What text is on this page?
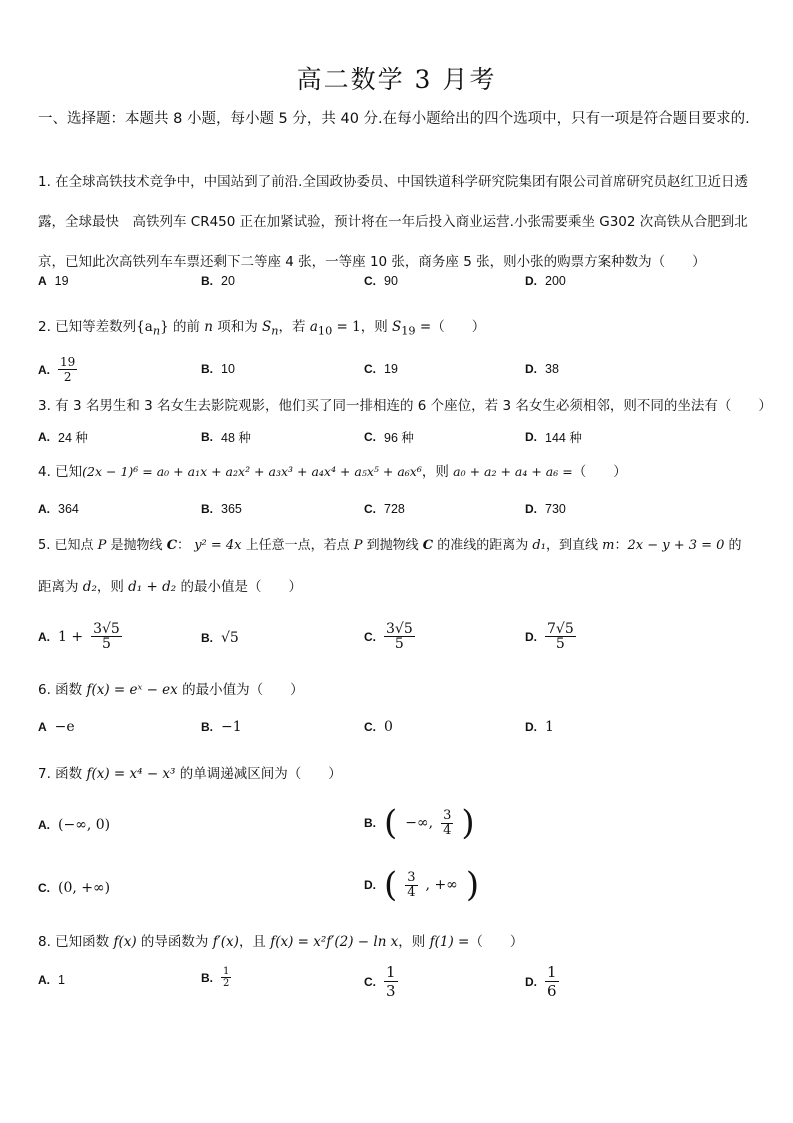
高二数学 3 月考
一、选择题：本题共 8 小题，每小题 5 分，共 40 分.在每小题给出的四个选项中，只有一项是符合题目要求的.
1. 在全球高铁技术竞争中，中国站到了前沿.全国政协委员、中国铁道科学研究院集团有限公司首席研究员赵红卫近日透露，全球最快　高铁列车 CR450 正在加紧试验，预计将在一年后投入商业运营.小张需要乘坐 G302 次高铁从合肥到北京，已知此次高铁列车车票还剩下二等座 4 张，一等座 10 张，商务座 5 张，则小张的购票方案种数为（　　）
A 19	B. 20	C. 90	D. 200
2. 已知等差数列$\{a_n\}$ 的前 n 项和为 $S_n$，若 $a_{10} = 1$，则 $S_{19}$ =（　　）
A. $\frac{19}{2}$	B. 10	C. 19	D. 38
3. 有 3 名男生和 3 名女生去影院观影，他们买了同一排相连的 6 个座位，若 3 名女生必须相邻，则不同的坐法有（　　）
A. 24 种	B. 48 种	C. 96 种	D. 144 种
4. 已知(2x − 1)⁶ = a₀ + a₁x + a₂x² + a₃x³ + a₄x⁴ + a₅x⁵ + a₆x⁶，则 a₀ + a₂ + a₄ + a₆ =（　　）
A. 364	B. 365	C. 728	D. 730
5. 已知点 P 是抛物线 C： y² = 4x 上任意一点，若点 P 到抛物线 C 的准线的距离为 d₁，到直线 m：2x − y + 3 = 0 的
距离为 d₂，则 d₁ + d₂ 的最小值是（　　）
A. $1 + \frac{3√5}{5}$	B. √5	C. $\frac{3√5}{5}$	D. $\frac{7√5}{5}$
6. 函数 f(x) = eˣ − ex 的最小值为（　　）
A −e	B. −1	C. 0	D. 1
7. 函数 f(x) = x⁴ − x³ 的单调递减区间为（　　）
A. (−∞, 0)	B. ( −∞, $\frac{3}{4}$ )
C. (0, +∞)	D. ( $\frac{3}{4}$ , +∞ )
8. 已知函数 f(x) 的导函数为 f′(x)，且 f(x) = x²f′(2) − ln x，则 f(1) =（　　）
A. 1	B. $\frac{1}{2}$	C. $\frac{1}{3}$	D. $\frac{1}{6}$
